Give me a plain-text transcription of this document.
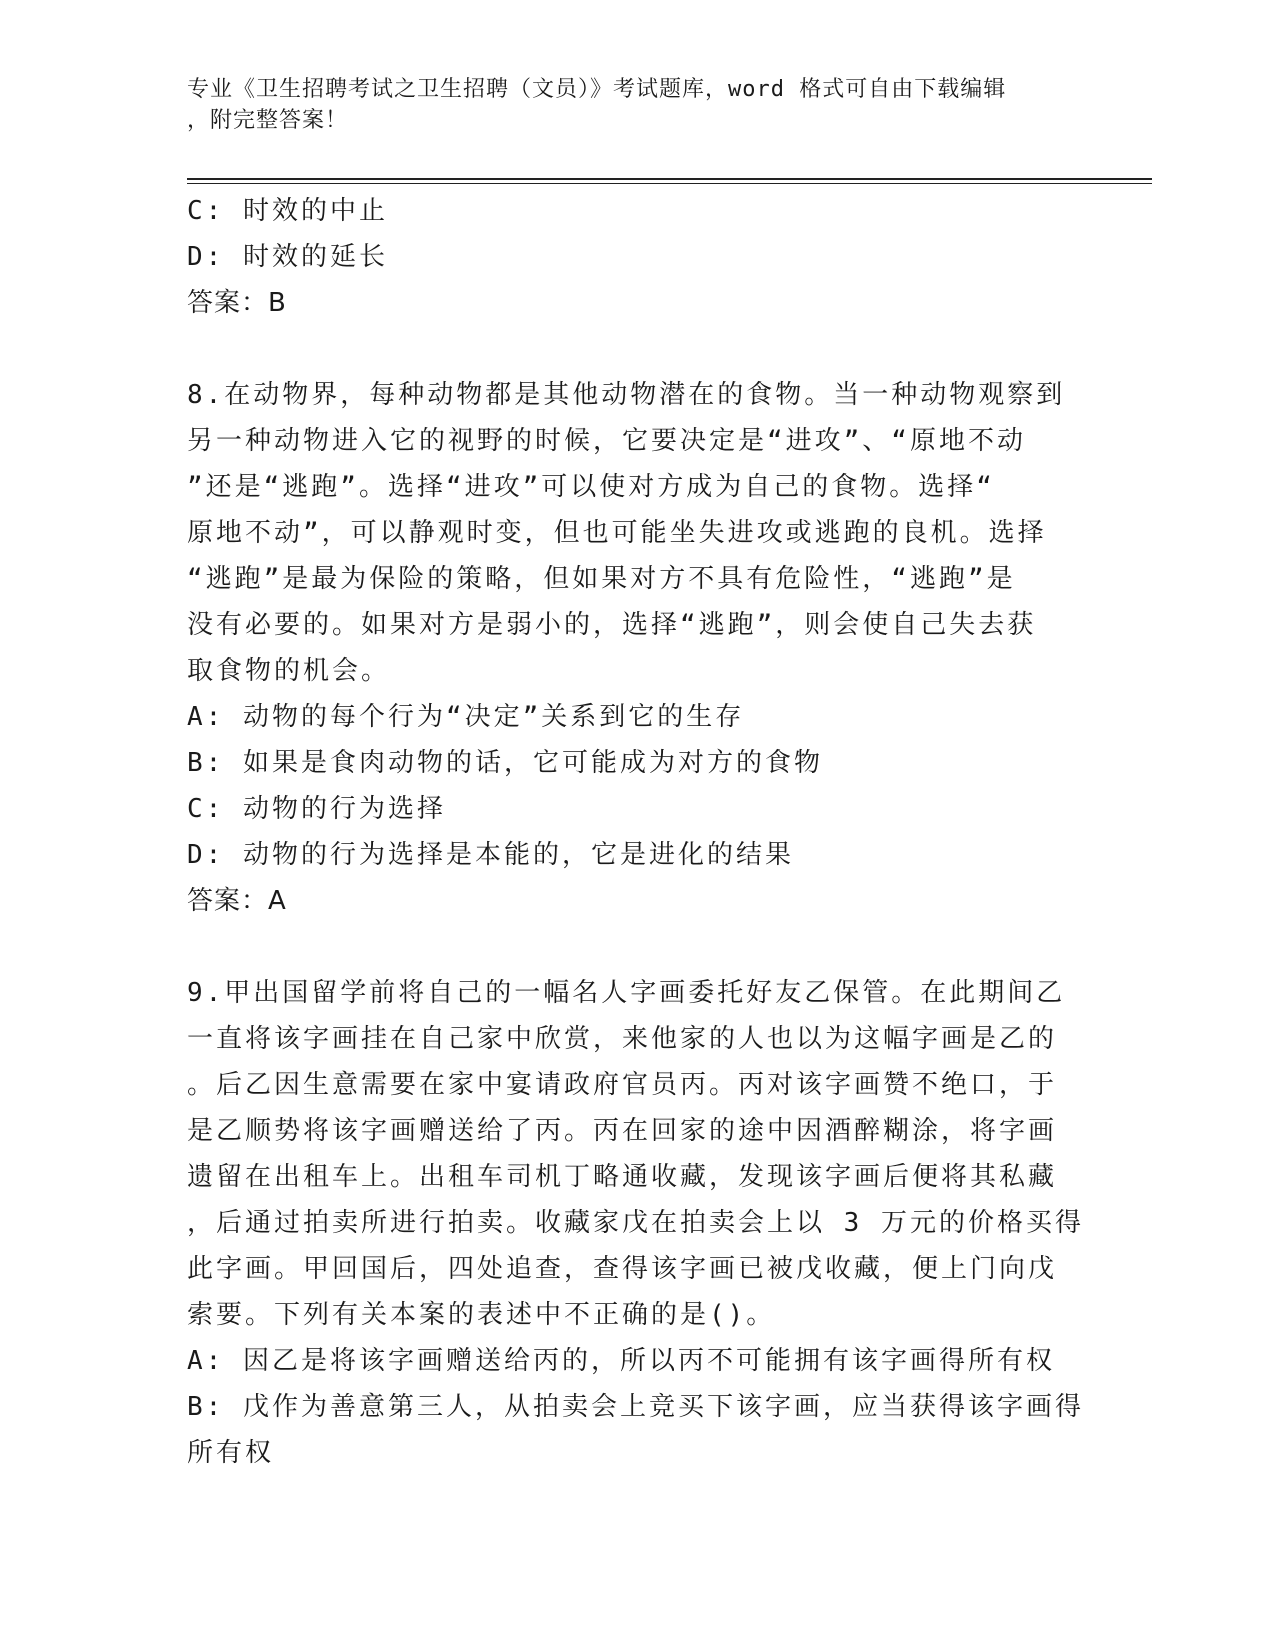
专业《卫生招聘考试之卫生招聘（文员）》考试题库，word 格式可自由下载编辑
，附完整答案！
C: 时效的中止
D: 时效的延长
答案：B
8.在动物界，每种动物都是其他动物潜在的食物。当一种动物观察到
另一种动物进入它的视野的时候，它要决定是“进攻”、“原地不动
”还是“逃跑”。选择“进攻”可以使对方成为自己的食物。选择“
原地不动”，可以静观时变，但也可能坐失进攻或逃跑的良机。选择
“逃跑”是最为保险的策略，但如果对方不具有危险性，“逃跑”是
没有必要的。如果对方是弱小的，选择“逃跑”，则会使自己失去获
取食物的机会。
A: 动物的每个行为“决定”关系到它的生存
B: 如果是食肉动物的话，它可能成为对方的食物
C: 动物的行为选择
D: 动物的行为选择是本能的，它是进化的结果
答案：A
9.甲出国留学前将自己的一幅名人字画委托好友乙保管。在此期间乙
一直将该字画挂在自己家中欣赏，来他家的人也以为这幅字画是乙的
。后乙因生意需要在家中宴请政府官员丙。丙对该字画赞不绝口，于
是乙顺势将该字画赠送给了丙。丙在回家的途中因酒醉糊涂，将字画
遗留在出租车上。出租车司机丁略通收藏，发现该字画后便将其私藏
，后通过拍卖所进行拍卖。收藏家戊在拍卖会上以 3 万元的价格买得
此字画。甲回国后，四处追查，查得该字画已被戊收藏，便上门向戊
索要。下列有关本案的表述中不正确的是()。
A: 因乙是将该字画赠送给丙的，所以丙不可能拥有该字画得所有权
B: 戊作为善意第三人，从拍卖会上竞买下该字画，应当获得该字画得
所有权
